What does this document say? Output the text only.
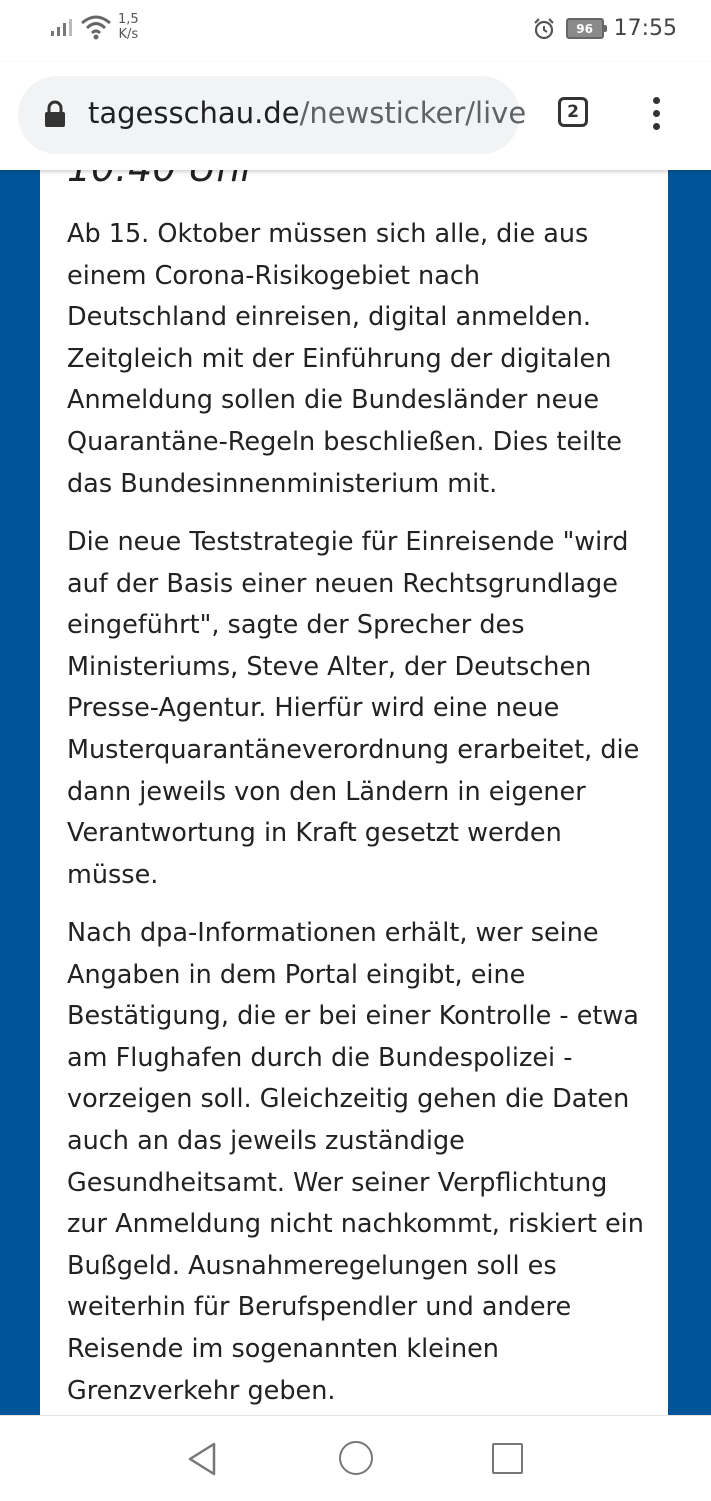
1,5
K/s	96 17:55
tagesschau.de/newsticker/live 2

Ab 15. Oktober müssen sich alle, die aus einem Corona-Risikogebiet nach Deutschland einreisen, digital anmelden. Zeitgleich mit der Einführung der digitalen Anmeldung sollen die Bundesländer neue Quarantäne-Regeln beschließen. Dies teilte das Bundesinnenministerium mit.

Die neue Teststrategie für Einreisende "wird auf der Basis einer neuen Rechtsgrundlage eingeführt", sagte der Sprecher des Ministeriums, Steve Alter, der Deutschen Presse-Agentur. Hierfür wird eine neue Musterquarantäneverordnung erarbeitet, die dann jeweils von den Ländern in eigener Verantwortung in Kraft gesetzt werden müsse.

Nach dpa-Informationen erhält, wer seine Angaben in dem Portal eingibt, eine Bestätigung, die er bei einer Kontrolle - etwa am Flughafen durch die Bundespolizei - vorzeigen soll. Gleichzeitig gehen die Daten auch an das jeweils zuständige Gesundheitsamt. Wer seiner Verpflichtung zur Anmeldung nicht nachkommt, riskiert ein Bußgeld. Ausnahmeregelungen soll es weiterhin für Berufspendler und andere Reisende im sogenannten kleinen Grenzverkehr geben.
